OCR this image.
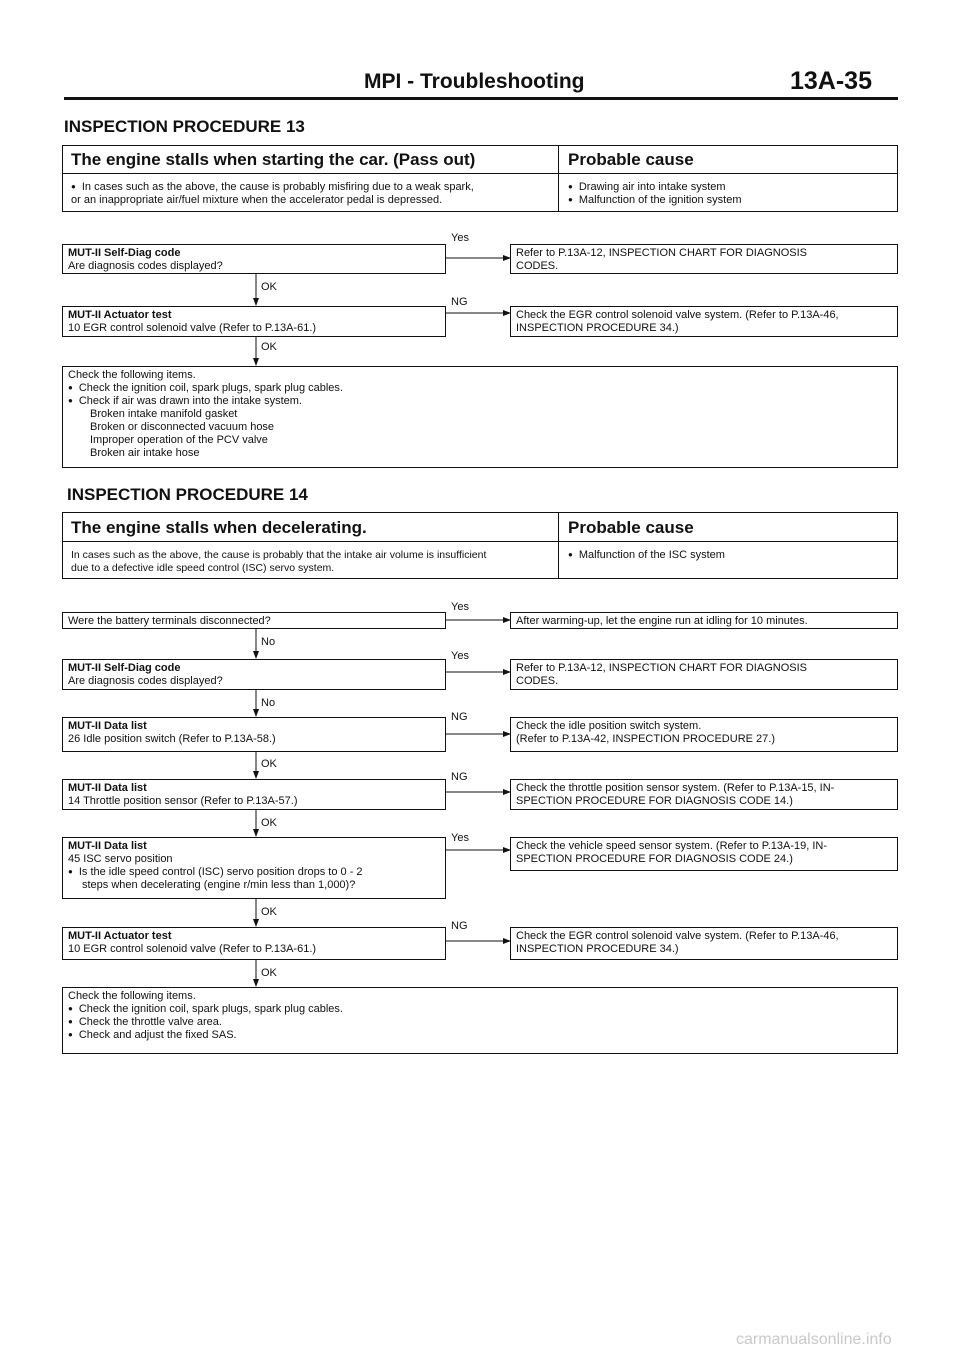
MPI - Troubleshooting	13A-35
INSPECTION PROCEDURE 13
The engine stalls when starting the car. (Pass out)	Probable cause
● In cases such as the above, the cause is probably misfiring due to a weak spark,
or an inappropriate air/fuel mixture when the accelerator pedal is depressed.
● Drawing air into intake system
● Malfunction of the ignition system
Yes
MUT-II Self-Diag code
Are diagnosis codes displayed?
Refer to P.13A-12, INSPECTION CHART FOR DIAGNOSIS
CODES.
OK
NG
MUT-II Actuator test
10 EGR control solenoid valve (Refer to P.13A-61.)
Check the EGR control solenoid valve system. (Refer to P.13A-46,
INSPECTION PROCEDURE 34.)
OK
Check the following items.
● Check the ignition coil, spark plugs, spark plug cables.
● Check if air was drawn into the intake system.
Broken intake manifold gasket
Broken or disconnected vacuum hose
Improper operation of the PCV valve
Broken air intake hose
INSPECTION PROCEDURE 14
The engine stalls when decelerating.	Probable cause
In cases such as the above, the cause is probably that the intake air volume is insufficient
due to a defective idle speed control (ISC) servo system.
● Malfunction of the ISC system
Yes
Were the battery terminals disconnected?	After warming-up, let the engine run at idling for 10 minutes.
No
Yes
MUT-II Self-Diag code
Are diagnosis codes displayed?
Refer to P.13A-12, INSPECTION CHART FOR DIAGNOSIS
CODES.
No
NG
MUT-II Data list
26 Idle position switch (Refer to P.13A-58.)
Check the idle position switch system.
(Refer to P.13A-42, INSPECTION PROCEDURE 27.)
OK
NG
MUT-II Data list
14 Throttle position sensor (Refer to P.13A-57.)
Check the throttle position sensor system. (Refer to P.13A-15, IN-
SPECTION PROCEDURE FOR DIAGNOSIS CODE 14.)
OK
Yes
MUT-II Data list
45 ISC servo position
● Is the idle speed control (ISC) servo position drops to 0 - 2
steps when decelerating (engine r/min less than 1,000)?
Check the vehicle speed sensor system. (Refer to P.13A-19, IN-
SPECTION PROCEDURE FOR DIAGNOSIS CODE 24.)
OK
NG
MUT-II Actuator test
10 EGR control solenoid valve (Refer to P.13A-61.)
Check the EGR control solenoid valve system. (Refer to P.13A-46,
INSPECTION PROCEDURE 34.)
OK
Check the following items.
● Check the ignition coil, spark plugs, spark plug cables.
● Check the throttle valve area.
● Check and adjust the fixed SAS.
carmanualsonline.info
